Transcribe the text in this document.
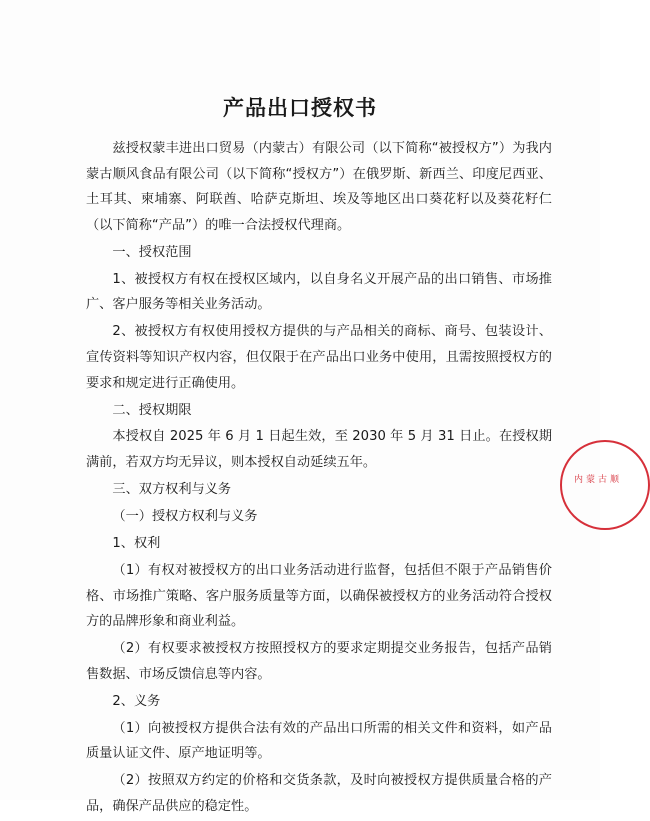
产品出口授权书

兹授权蒙丰进出口贸易（内蒙古）有限公司（以下简称“被授权方”）为我内蒙古顺风食品有限公司（以下简称“授权方”）在俄罗斯、新西兰、印度尼西亚、土耳其、柬埔寨、阿联酋、哈萨克斯坦、埃及等地区出口葵花籽以及葵花籽仁（以下简称“产品”）的唯一合法授权代理商。

一、授权范围

1、被授权方有权在授权区域内，以自身名义开展产品的出口销售、市场推广、客户服务等相关业务活动。

2、被授权方有权使用授权方提供的与产品相关的商标、商号、包装设计、宣传资料等知识产权内容，但仅限于在产品出口业务中使用，且需按照授权方的要求和规定进行正确使用。

二、授权期限

本授权自 2025 年 6 月 1 日起生效，至 2030 年 5 月 31 日止。在授权期满前，若双方均无异议，则本授权自动延续五年。

三、双方权利与义务

（一）授权方权利与义务

1、权利

（1）有权对被授权方的出口业务活动进行监督，包括但不限于产品销售价格、市场推广策略、客户服务质量等方面，以确保被授权方的业务活动符合授权方的品牌形象和商业利益。

（2）有权要求被授权方按照授权方的要求定期提交业务报告，包括产品销售数据、市场反馈信息等内容。

2、义务

（1）向被授权方提供合法有效的产品出口所需的相关文件和资料，如产品质量认证文件、原产地证明等。

（2）按照双方约定的价格和交货条款，及时向被授权方提供质量合格的产品，确保产品供应的稳定性。

内蒙古顺
